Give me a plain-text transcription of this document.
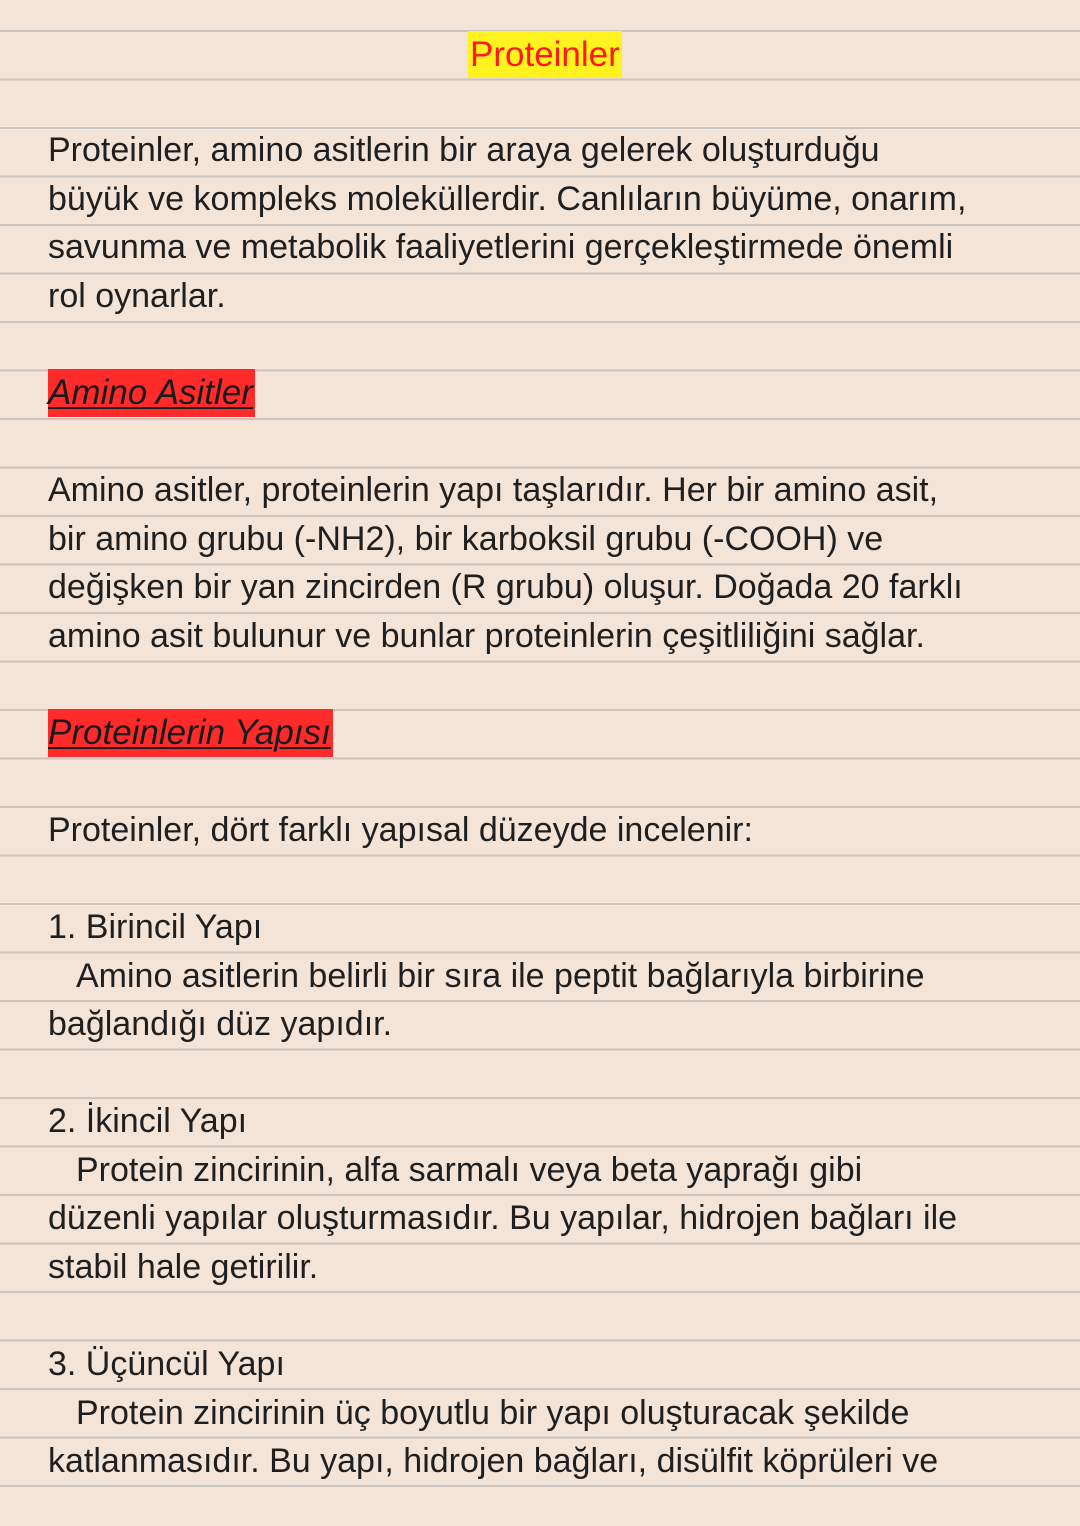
Proteinler
Proteinler, amino asitlerin bir araya gelerek oluşturduğu
büyük ve kompleks moleküllerdir. Canlıların büyüme, onarım,
savunma ve metabolik faaliyetlerini gerçekleştirmede önemli
rol oynarlar.
Amino Asitler
Amino asitler, proteinlerin yapı taşlarıdır. Her bir amino asit,
bir amino grubu (-NH2), bir karboksil grubu (-COOH) ve
değişken bir yan zincirden (R grubu) oluşur. Doğada 20 farklı
amino asit bulunur ve bunlar proteinlerin çeşitliliğini sağlar.
Proteinlerin Yapısı
Proteinler, dört farklı yapısal düzeyde incelenir:
1. Birincil Yapı
Amino asitlerin belirli bir sıra ile peptit bağlarıyla birbirine
bağlandığı düz yapıdır.
2. İkincil Yapı
Protein zincirinin, alfa sarmalı veya beta yaprağı gibi
düzenli yapılar oluşturmasıdır. Bu yapılar, hidrojen bağları ile
stabil hale getirilir.
3. Üçüncül Yapı
Protein zincirinin üç boyutlu bir yapı oluşturacak şekilde
katlanmasıdır. Bu yapı, hidrojen bağları, disülfit köprüleri ve
